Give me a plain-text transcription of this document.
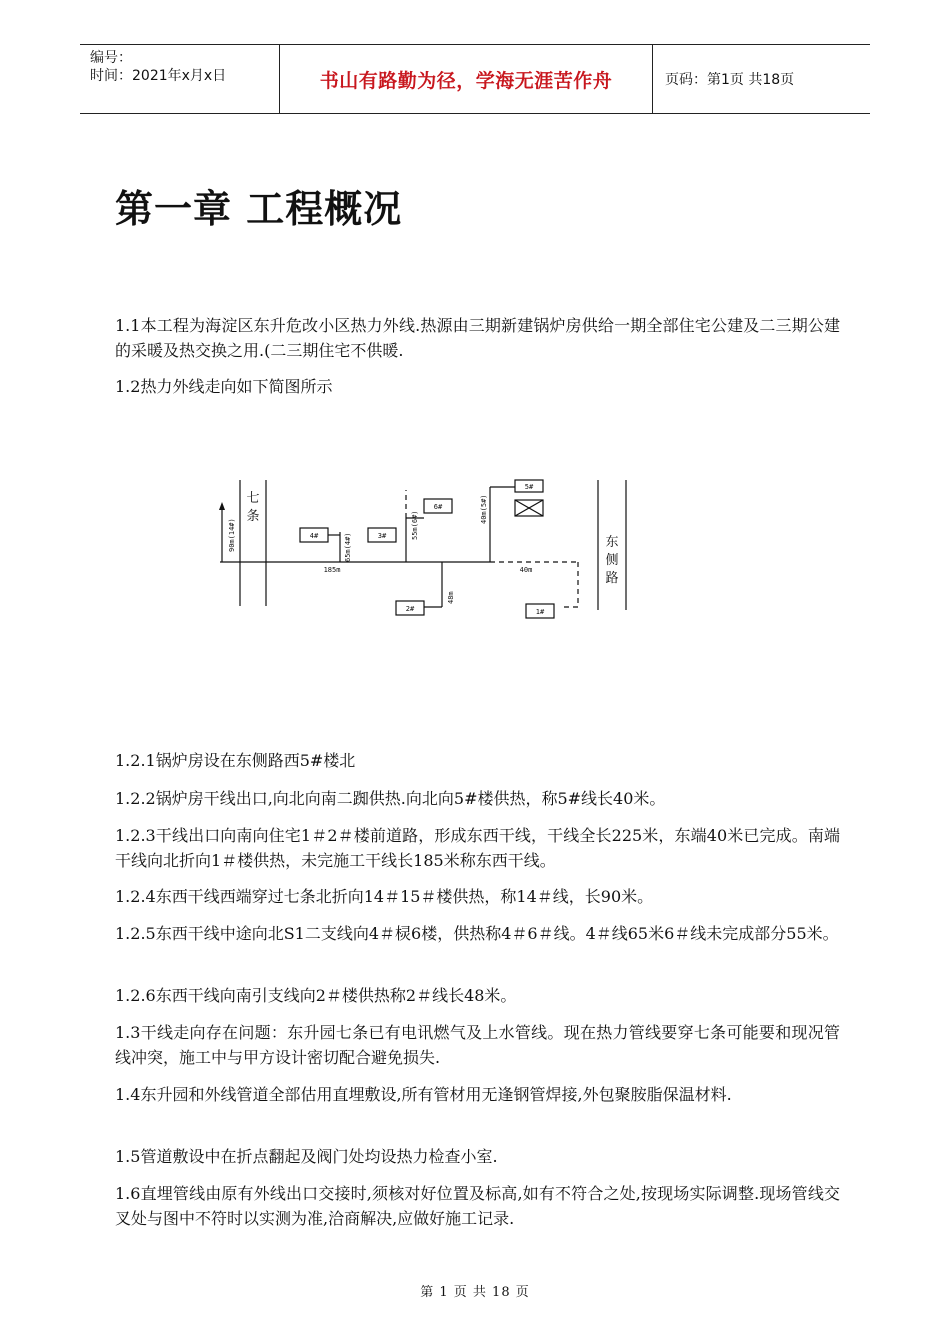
编号：
时间：2021年x月x日	书山有路勤为径，学海无涯苦作舟	页码：第1页 共18页
第一章 工程概况

1.1本工程为海淀区东升危改小区热力外线.热源由三期新建锅炉房供给一期全部住宅公建及二三期公建的采暖及热交换之用.(二三期住宅不供暖.

1.2热力外线走向如下简图所示

4#	3#
6#
5#
2#	1#
185m	40m
90m(14#)	65m(4#)
55m(6#)
40m(5#)
48m
七
条
东
侧
路

1.2.1锅炉房设在东侧路西5#楼北

1.2.2锅炉房干线出口,向北向南二踟供热.向北向5#楼供热，称5#线长40米。

1.2.3干线出口向南向住宅1＃2＃楼前道路，形成东西干线，干线全长225米，东端40米已完成。南端干线向北折向1＃楼供热，未完施工干线长185米称东西干线。

1.2.4东西干线西端穿过七条北折向14＃15＃楼供热，称14＃线，长90米。

1.2.5东西干线中途向北S1二支线向4＃棂6楼，供热称4＃6＃线。4＃线65米6＃线未完成部分55米。

1.2.6东西干线向南引支线向2＃楼供热称2＃线长48米。

1.3干线走向存在问题：东升园七条已有电讯燃气及上水管线。现在热力管线要穿七条可能要和现况管线冲突，施工中与甲方设计密切配合避免损失.

1.4东升园和外线管道全部估用直埋敷设,所有管材用无逢钢管焊接,外包聚胺脂保温材料.

1.5管道敷设中在折点翻起及阀门处均设热力检查小室.

1.6直埋管线由原有外线出口交接时,须核对好位置及标高,如有不符合之处,按现场实际调整.现场管线交叉处与图中不符时以实测为准,洽商解决,应做好施工记录.

第 1 页 共 18 页
